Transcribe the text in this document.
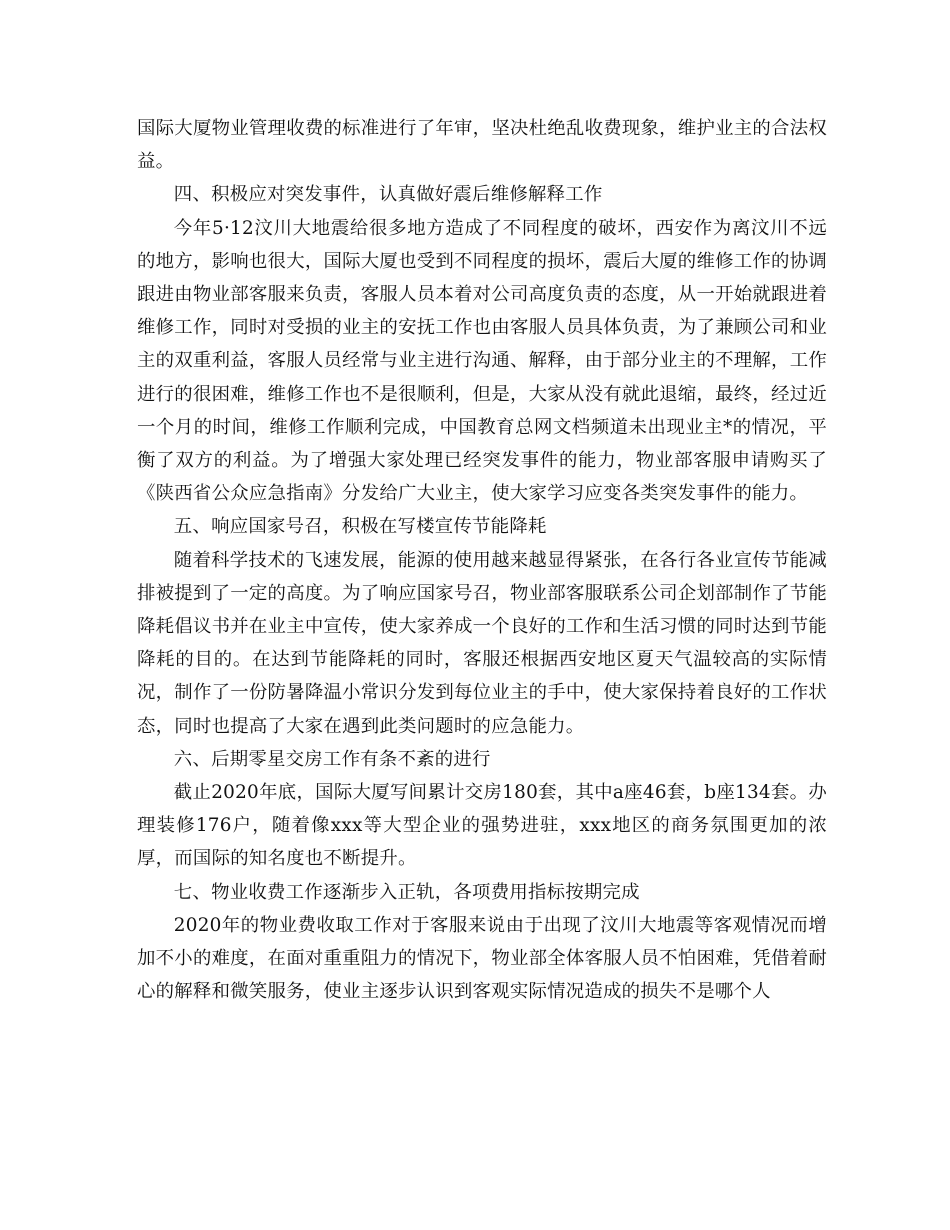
国际大厦物业管理收费的标准进行了年审，坚决杜绝乱收费现象，维护业主的合法权益。

四、积极应对突发事件，认真做好震后维修解释工作

今年5·12汶川大地震给很多地方造成了不同程度的破坏，西安作为离汶川不远的地方，影响也很大，国际大厦也受到不同程度的损坏，震后大厦的维修工作的协调跟进由物业部客服来负责，客服人员本着对公司高度负责的态度，从一开始就跟进着维修工作，同时对受损的业主的安抚工作也由客服人员具体负责，为了兼顾公司和业主的双重利益，客服人员经常与业主进行沟通、解释，由于部分业主的不理解，工作进行的很困难，维修工作也不是很顺利，但是，大家从没有就此退缩，最终，经过近一个月的时间，维修工作顺利完成，中国教育总网文档频道未出现业主*的情况，平衡了双方的利益。为了增强大家处理已经突发事件的能力，物业部客服申请购买了《陕西省公众应急指南》分发给广大业主，使大家学习应变各类突发事件的能力。

五、响应国家号召，积极在写楼宣传节能降耗

随着科学技术的飞速发展，能源的使用越来越显得紧张，在各行各业宣传节能减排被提到了一定的高度。为了响应国家号召，物业部客服联系公司企划部制作了节能降耗倡议书并在业主中宣传，使大家养成一个良好的工作和生活习惯的同时达到节能降耗的目的。在达到节能降耗的同时，客服还根据西安地区夏天气温较高的实际情况，制作了一份防暑降温小常识分发到每位业主的手中，使大家保持着良好的工作状态，同时也提高了大家在遇到此类问题时的应急能力。

六、后期零星交房工作有条不紊的进行

截止2020年底，国际大厦写间累计交房180套，其中a座46套，b座134套。办理装修176户，随着像xxx等大型企业的强势进驻，xxx地区的商务氛围更加的浓厚，而国际的知名度也不断提升。

七、物业收费工作逐渐步入正轨，各项费用指标按期完成

2020年的物业费收取工作对于客服来说由于出现了汶川大地震等客观情况而增加不小的难度，在面对重重阻力的情况下，物业部全体客服人员不怕困难，凭借着耐心的解释和微笑服务，使业主逐步认识到客观实际情况造成的损失不是哪个人
